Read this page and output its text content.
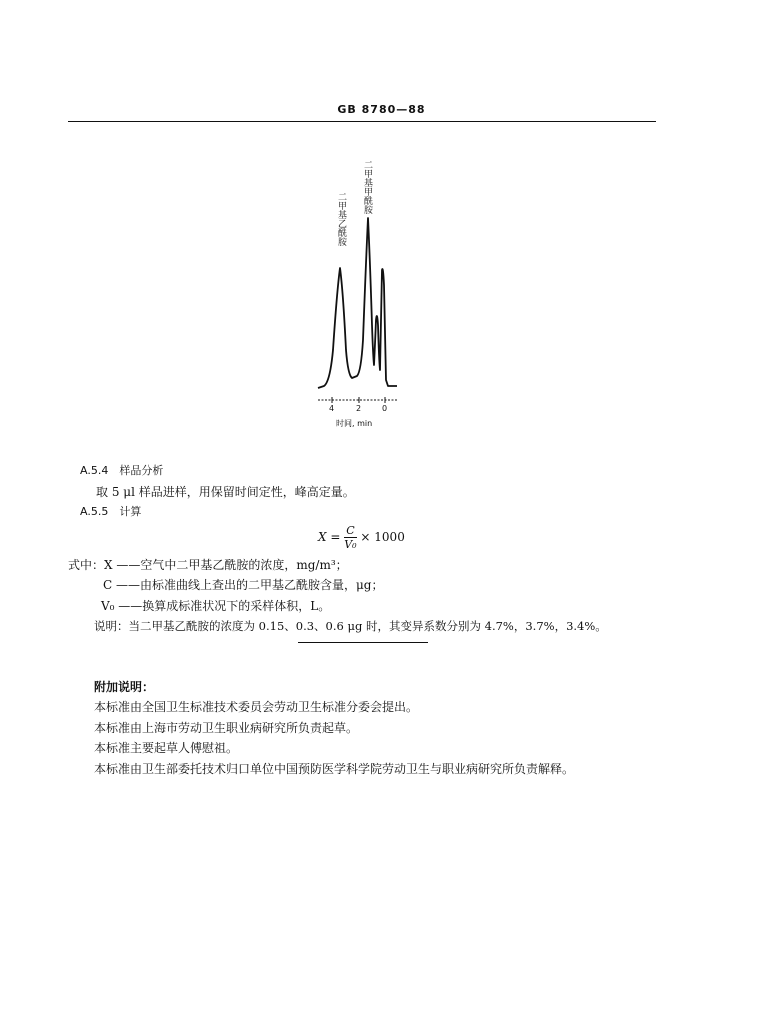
GB 8780—88
二甲基乙酰胺
二甲基甲酰胺
4	2	0
时间, min
A.5.4　样品分析
取 5 μl 样品进样，用保留时间定性，峰高定量。
A.5.5　计算
$X = \frac{C}{\text{V₀}} \times 1000$
式中：X ——空气中二甲基乙酰胺的浓度，mg/m³；
C ——由标准曲线上查出的二甲基乙酰胺含量，μg；
V₀ ——换算成标准状况下的采样体积，L。
说明：当二甲基乙酰胺的浓度为 0.15、0.3、0.6 μg 时，其变异系数分别为 4.7%，3.7%，3.4%。
附加说明：
本标准由全国卫生标准技术委员会劳动卫生标准分委会提出。
本标准由上海市劳动卫生职业病研究所负责起草。
本标准主要起草人傅慰祖。
本标准由卫生部委托技术归口单位中国预防医学科学院劳动卫生与职业病研究所负责解释。
